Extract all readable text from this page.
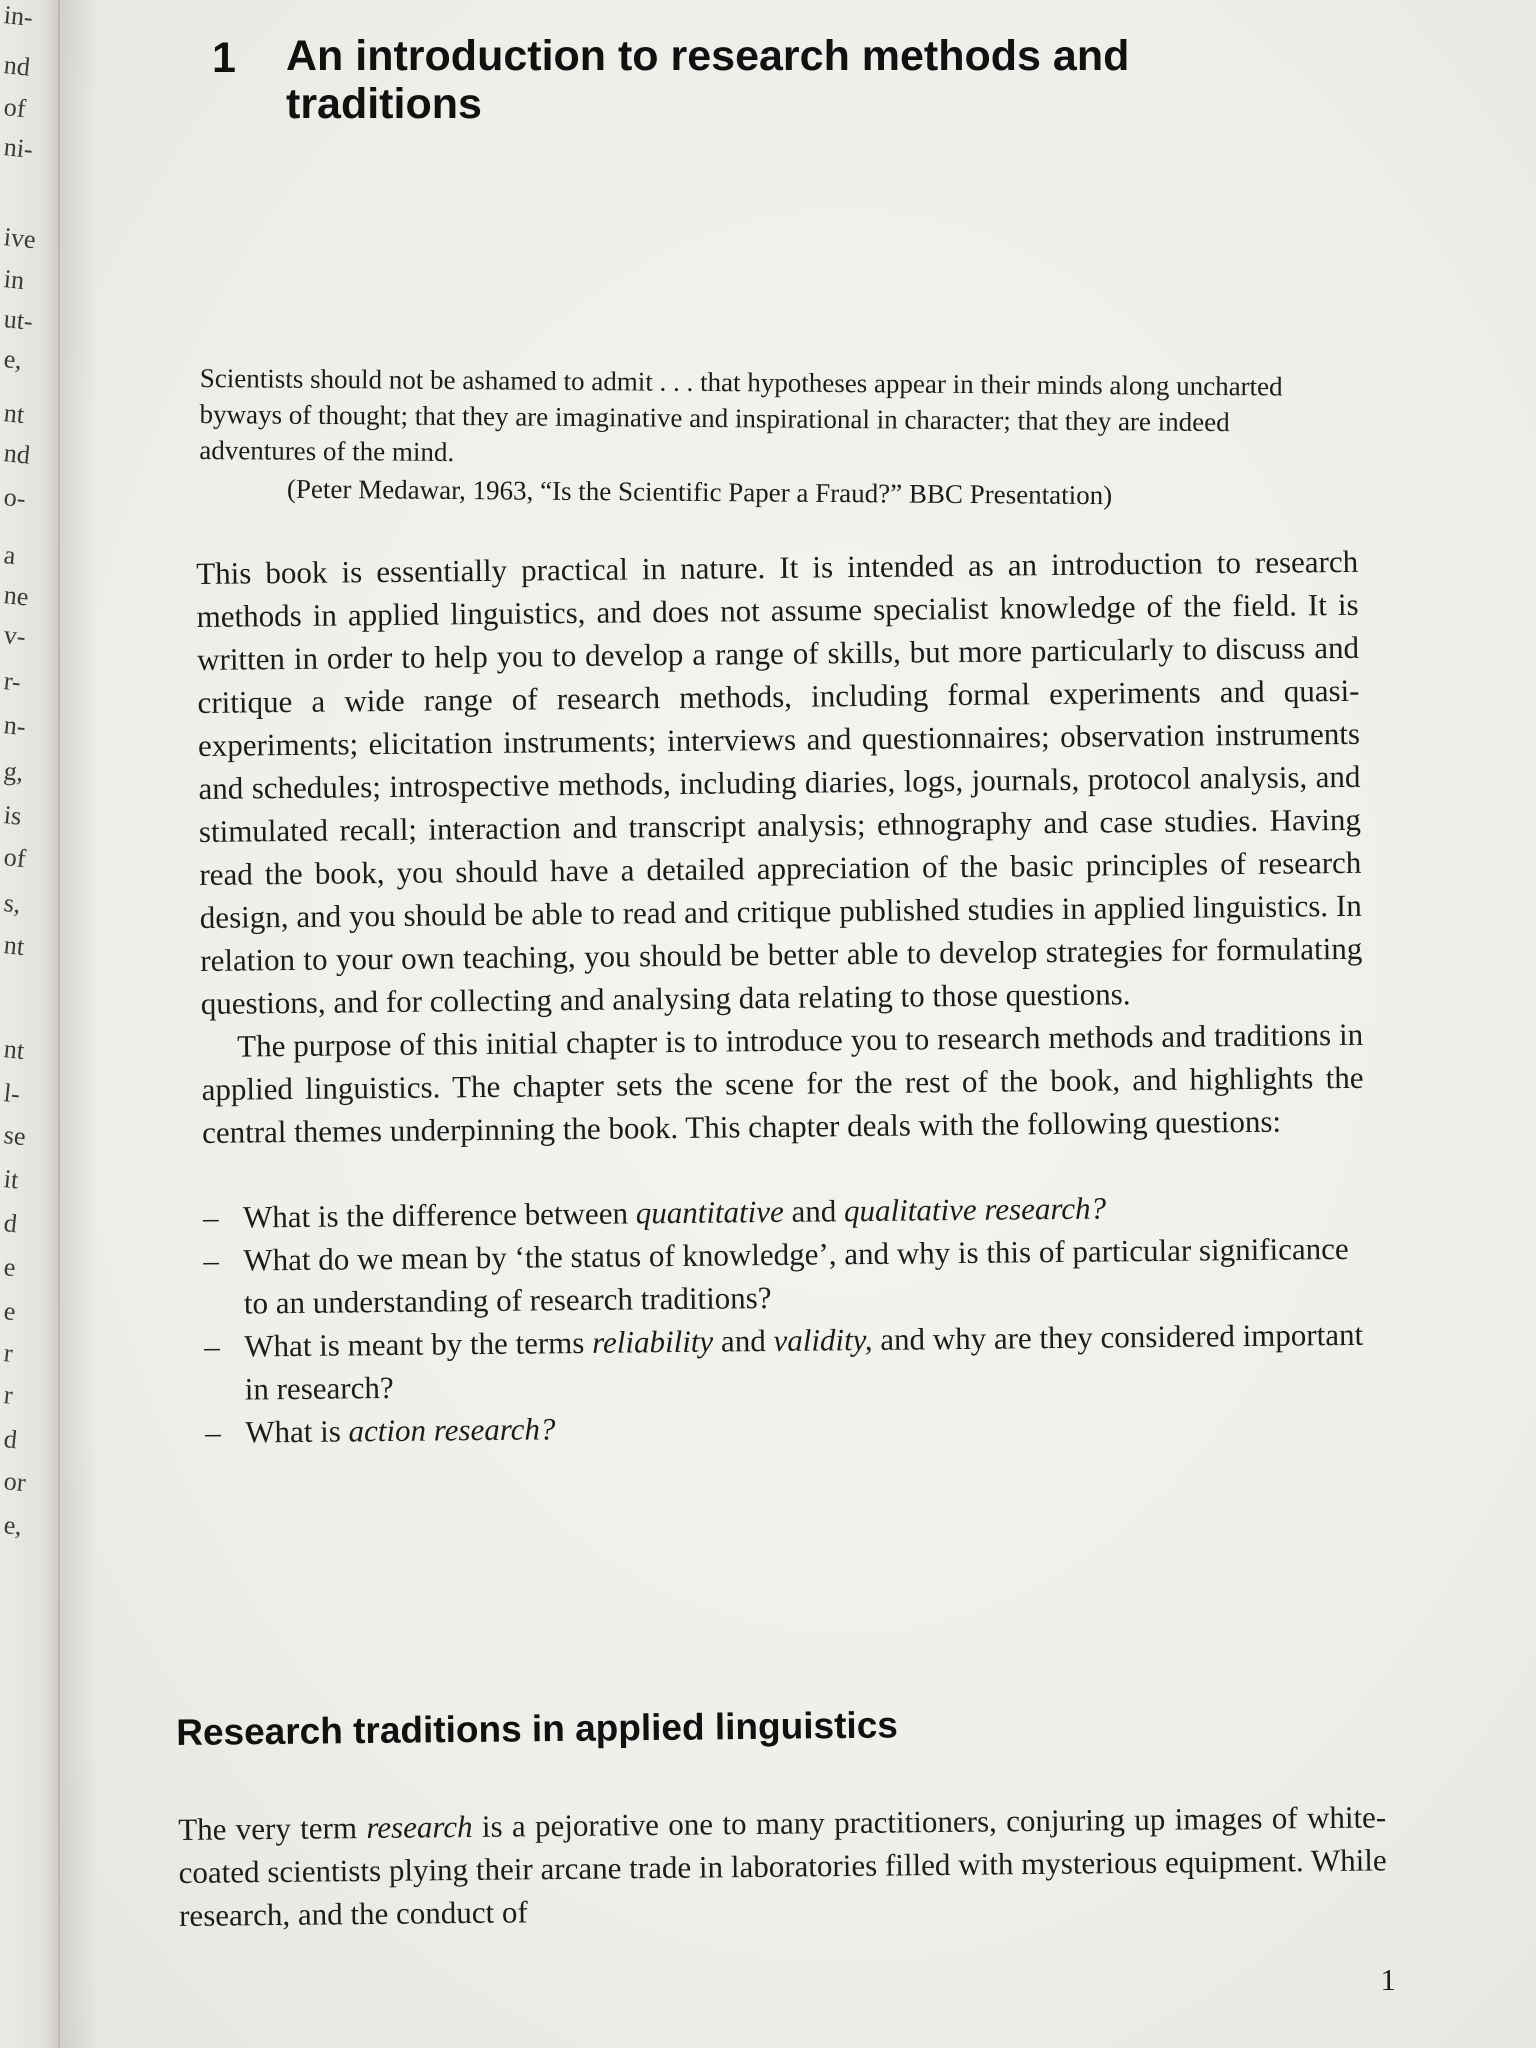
in-
nd
of
ni-
ive
in
ut-
e,
nt
nd
o-
a
ne
v-
r-
n-
g,
is
of
s,
nt
nt
l-
se
it
d
e
e
r
r
d
or
e,
1 An introduction to research methods and traditions

Scientists should not be ashamed to admit . . . that hypotheses appear in their minds along uncharted byways of thought; that they are imaginative and inspirational in character; that they are indeed adventures of the mind.

(Peter Medawar, 1963, “Is the Scientific Paper a Fraud?” BBC Presentation)

This book is essentially practical in nature. It is intended as an introduction to research methods in applied linguistics, and does not assume specialist knowledge of the field. It is written in order to help you to develop a range of skills, but more particularly to discuss and critique a wide range of research methods, including formal experiments and quasi-experiments; elicitation instruments; interviews and questionnaires; observation instruments and schedules; introspective methods, including diaries, logs, journals, protocol analysis, and stimulated recall; interaction and transcript analysis; ethnography and case studies. Having read the book, you should have a detailed appreciation of the basic principles of research design, and you should be able to read and critique published studies in applied linguistics. In relation to your own teaching, you should be better able to develop strategies for formulating questions, and for collecting and analysing data relating to those questions.

The purpose of this initial chapter is to introduce you to research methods and traditions in applied linguistics. The chapter sets the scene for the rest of the book, and highlights the central themes underpinning the book. This chapter deals with the following questions:

– What is the difference between quantitative and qualitative research?
– What do we mean by ‘the status of knowledge’, and why is this of particular significance to an understanding of research traditions?
– What is meant by the terms reliability and validity, and why are they considered important in research?
– What is action research?
Research traditions in applied linguistics

The very term research is a pejorative one to many practitioners, conjuring up images of white-coated scientists plying their arcane trade in laboratories filled with mysterious equipment. While research, and the conduct of

1
